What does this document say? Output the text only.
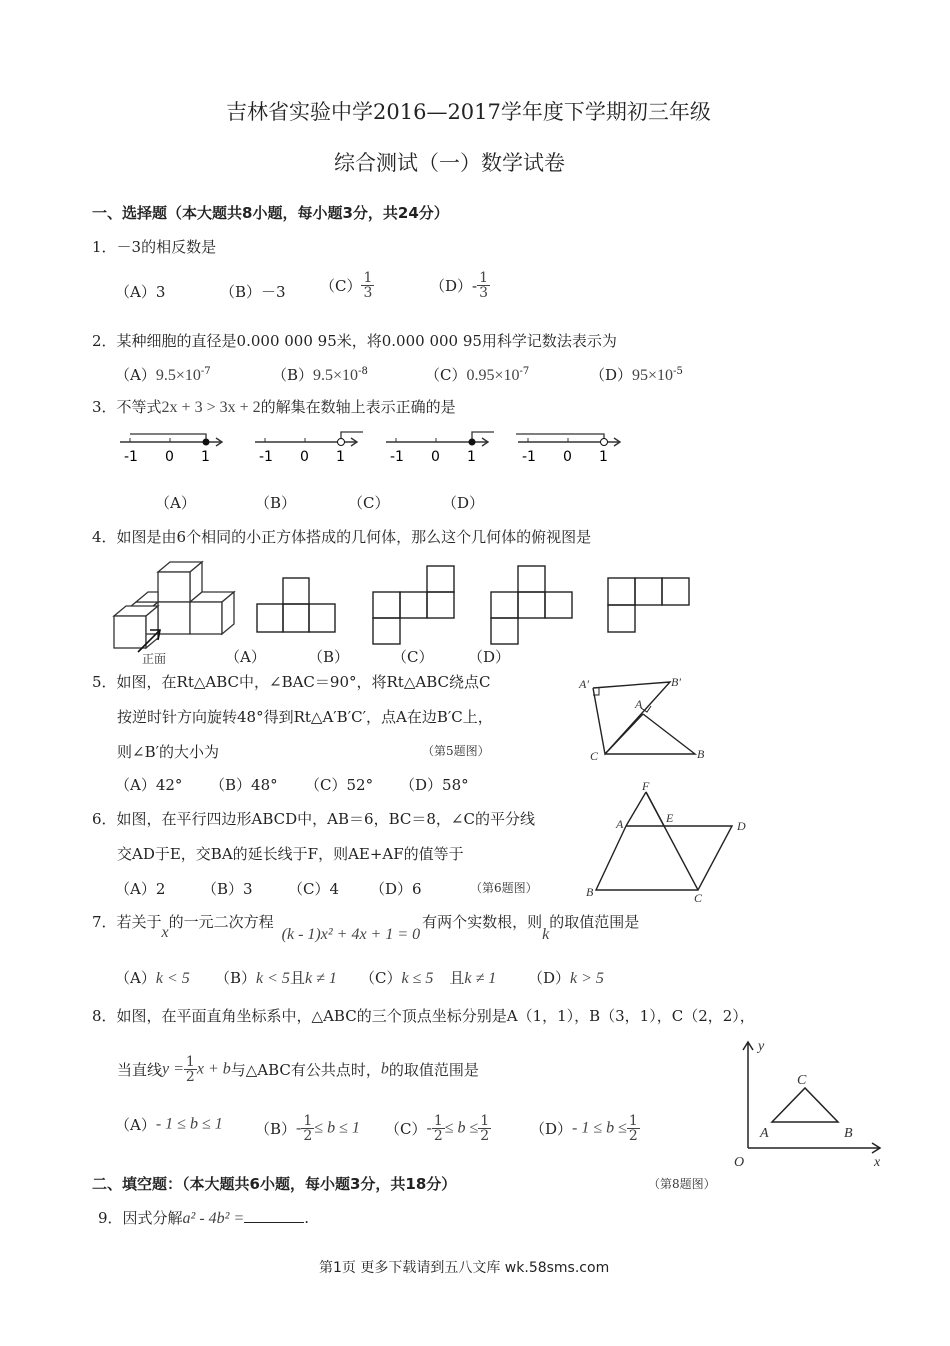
吉林省实验中学2016—2017学年度下学期初三年级
综合测试（一）数学试卷
一、选择题（本大题共8小题，每小题3分，共24分）
1．－3的相反数是
（A）3	（B）－3 $(C) \frac{1}{3}$	$(D)- \frac{1}{3}$
2．某种细胞的直径是0.000 000 95米，将0.000 000 95用科学记数法表示为
$(A)9.5\times 10^{-7}$	$(B)9.5\times 10^{-8}$	$(C)0.95\times 10^{-7}$	$(D)95\times 10^{-5}$
3．不等式2x + 3 > 3x + 2的解集在数轴上表示正确的是
-1 0 1	-1 0 1	-1 0 1	-1 0 1
（A）	（B）	（C）	（D）
4．如图是由6个相同的小正方体搭成的几何体，那么这个几何体的俯视图是
正面	（A）	（B）	（C） （D）
5．如图，在Rt△ABC中，∠BAC＝90°，将Rt△ABC绕点C
按逆时针方向旋转48°得到Rt△A′B′C′，点A在边B′C上，
则∠B′的大小为	（第5题图）
A′	B′
A
C	B
（A）42° （B）48° （C）52° （D）58°
6．如图，在平行四边形ABCD中，AB＝6，BC＝8，∠C的平分线
交AD于E，交BA的延长线于F，则AE+AF的值等于
（A）2 （B）3 （C）4 （D）6	（第6题图）
F
A	E
D
B	C
7．若关于x的一元二次方程(k - 1)x² + 4x + 1 = 0有两个实数根，则k的取值范围是
（A）k < 5 （B）k < 5且k ≠ 1 （C）k ≤ 5 且k ≠ 1 （D）k > 5
8．如图，在平面直角坐标系中，△ABC的三个顶点坐标分别是A（1，1），B（3，1），C（2，2），
当直线$y = \frac{1}{2}$ x + b与△ABC有公共点时，b的取值范围是
（A）- 1 ≤ b ≤ 1 $(B)- \frac{1}{2} \le b \le 1$ $(C)- \frac{1}{2} \le b \le \frac{1}{2}$	（D）- $1 \le b \le \frac{1}{2}$
y
x
O
A	B
C
二、填空题：（本大题共6小题，每小题3分，共18分）	（第8题图）
9．因式分解a² - 4b² =	.
第1页 更多下载请到五八文库 wk.58sms.com
